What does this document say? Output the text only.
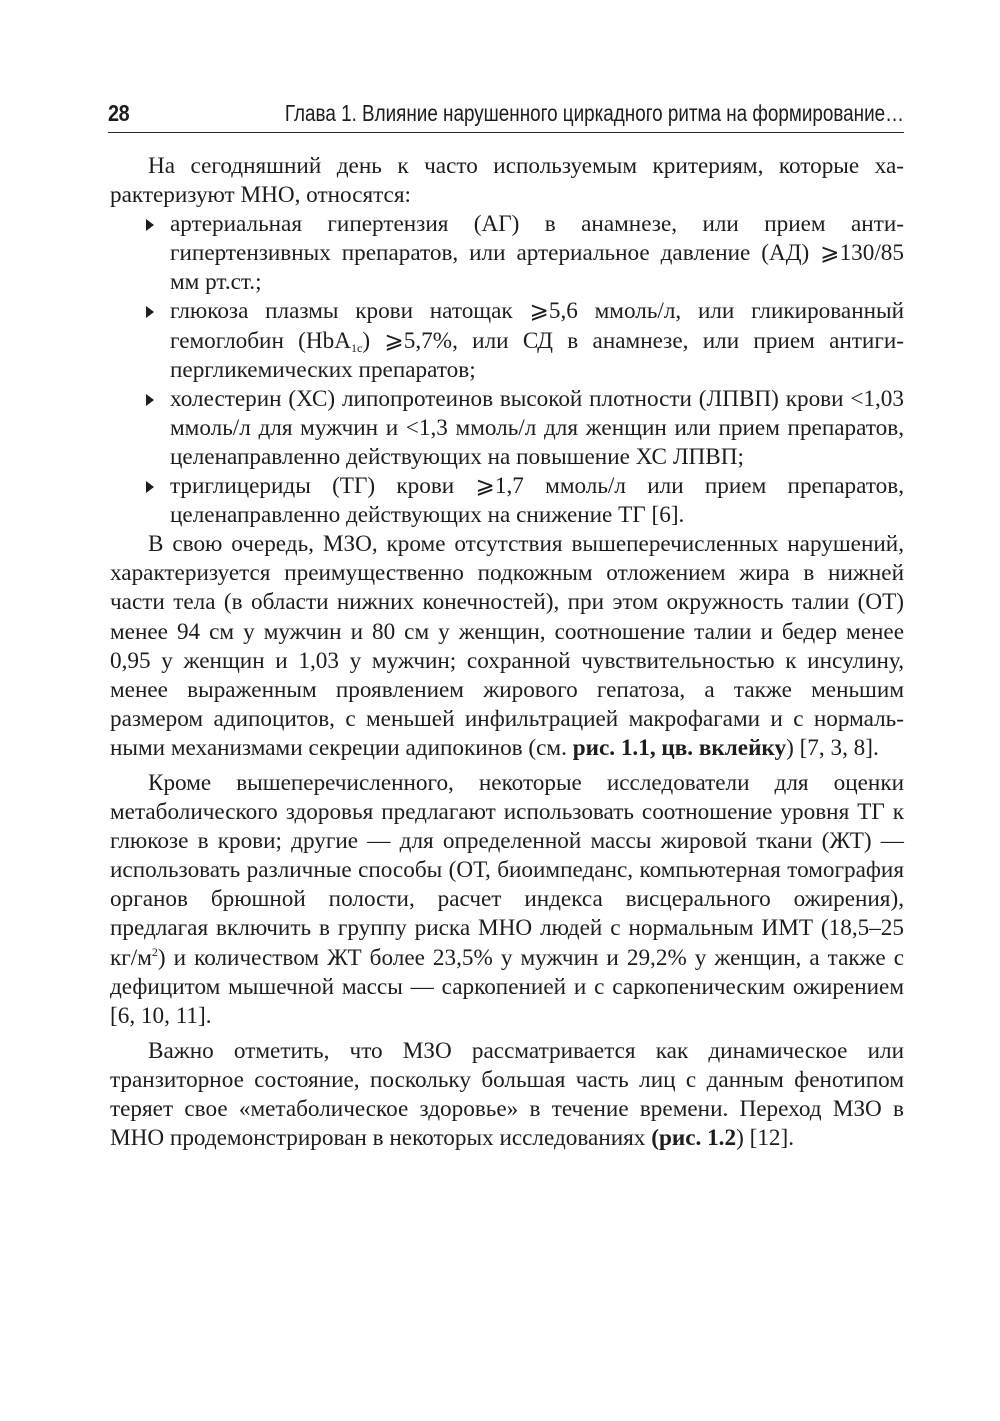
28	Глава 1. Влияние нарушенного циркадного ритма на формирование…

На сегодняшний день к часто используемым критериям, которые характеризуют МНО, относятся:

артериальная гипертензия (АГ) в анамнезе, или прием антигипертензивных препаратов, или артериальное давление (АД) ⩾130/85 мм рт.ст.;
глюкоза плазмы крови натощак ⩾5,6 ммоль/л, или гликированный гемоглобин (HbA$_{1c}$) ⩾5,7%, или СД в анамнезе, или прием антигипергликемических препаратов;
холестерин (ХС) липопротеинов высокой плотности (ЛПВП) крови <1,03 ммоль/л для мужчин и <1,3 ммоль/л для женщин или прием препаратов, целенаправленно действующих на повышение ХС ЛПВП;
триглицериды (ТГ) крови ⩾1,7 ммоль/л или прием препаратов, целенаправленно действующих на снижение ТГ [6].

В свою очередь, МЗО, кроме отсутствия вышеперечисленных нарушений, характеризуется преимущественно подкожным отложением жира в нижней части тела (в области нижних конечностей), при этом окружность талии (ОТ) менее 94 см у мужчин и 80 см у женщин, соотношение талии и бедер менее 0,95 у женщин и 1,03 у мужчин; сохранной чувствительностью к инсулину, менее выраженным проявлением жирового гепатоза, а также меньшим размером адипоцитов, с меньшей инфильтрацией макрофагами и с нормальными механизмами секреции адипокинов (см. рис. 1.1, цв. вклейку) [7, 3, 8].

Кроме вышеперечисленного, некоторые исследователи для оценки метаболического здоровья предлагают использовать соотношение уровня ТГ к глюкозе в крови; другие — для определенной массы жировой ткани (ЖТ) — использовать различные способы (ОТ, биоимпеданс, компьютерная томография органов брюшной полости, расчет индекса висцерального ожирения), предлагая включить в группу риска МНО людей с нормальным ИМТ (18,5–25 $кг/м^2$) и количеством ЖТ более 23,5% у мужчин и 29,2% у женщин, а также с дефицитом мышечной массы — саркопенией и с саркопеническим ожирением [6, 10, 11].

Важно отметить, что МЗО рассматривается как динамическое или транзиторное состояние, поскольку большая часть лиц с данным фенотипом теряет свое «метаболическое здоровье» в течение времени. Переход МЗО в МНО продемонстрирован в некоторых исследованиях (рис. 1.2) [12].
